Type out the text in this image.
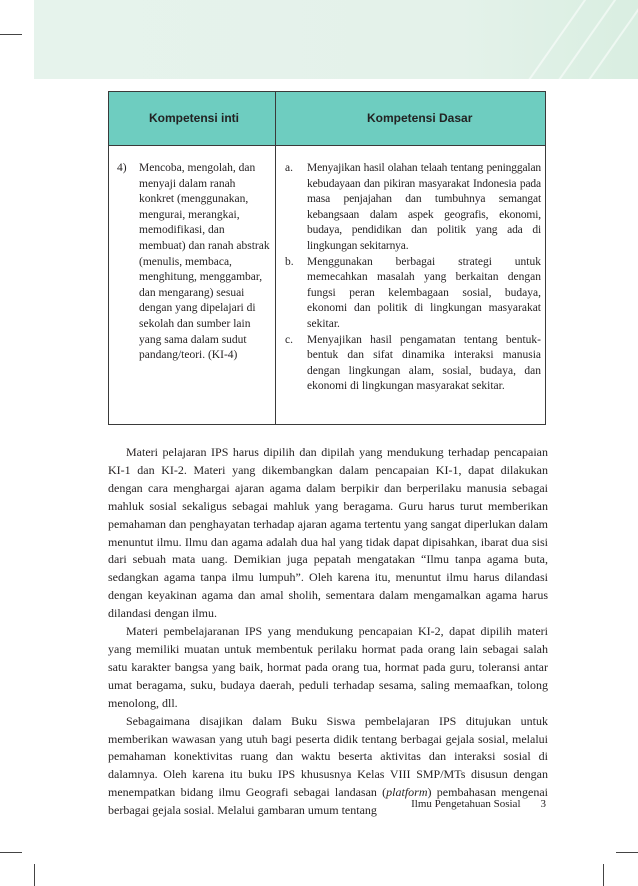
Kompetensi inti	Kompetensi Dasar
4) Mencoba, mengolah, dan menyaji dalam ranah konkret (menggunakan, mengurai, merangkai, memodifikasi, dan membuat) dan ranah abstrak (menulis, membaca, menghitung, menggambar, dan mengarang) sesuai dengan yang dipelajari di sekolah dan sumber lain yang sama dalam sudut pandang/teori. (KI-4)
a. Menyajikan hasil olahan telaah tentang peninggalan kebudayaan dan pikiran masyarakat Indonesia pada masa penjajahan dan tumbuhnya semangat kebangsaan dalam aspek geografis, ekonomi, budaya, pendidikan dan politik yang ada di lingkungan sekitarnya.
b. Menggunakan berbagai strategi untuk memecahkan masalah yang berkaitan dengan fungsi peran kelembagaan sosial, budaya, ekonomi dan politik di lingkungan masyarakat sekitar.
c. Menyajikan hasil pengamatan tentang bentuk-bentuk dan sifat dinamika interaksi manusia dengan lingkungan alam, sosial, budaya, dan ekonomi di lingkungan masyarakat sekitar.

Materi pelajaran IPS harus dipilih dan dipilah yang mendukung terhadap pencapaian KI-1 dan KI-2. Materi yang dikembangkan dalam pencapaian KI-1, dapat dilakukan dengan cara menghargai ajaran agama dalam berpikir dan berperilaku manusia sebagai mahluk sosial sekaligus sebagai mahluk yang beragama. Guru harus turut memberikan pemahaman dan penghayatan terhadap ajaran agama tertentu yang sangat diperlukan dalam menuntut ilmu. Ilmu dan agama adalah dua hal yang tidak dapat dipisahkan, ibarat dua sisi dari sebuah mata uang. Demikian juga pepatah mengatakan “Ilmu tanpa agama buta, sedangkan agama tanpa ilmu lumpuh”. Oleh karena itu, menuntut ilmu harus dilandasi dengan keyakinan agama dan amal sholih, sementara dalam mengamalkan agama harus dilandasi dengan ilmu.

Materi pembelajaranan IPS yang mendukung pencapaian KI-2, dapat dipilih materi yang memiliki muatan untuk membentuk perilaku hormat pada orang lain sebagai salah satu karakter bangsa yang baik, hormat pada orang tua, hormat pada guru, toleransi antar umat beragama, suku, budaya daerah, peduli terhadap sesama, saling memaafkan, tolong menolong, dll.

Sebagaimana disajikan dalam Buku Siswa pembelajaran IPS ditujukan untuk memberikan wawasan yang utuh bagi peserta didik tentang berbagai gejala sosial, melalui pemahaman konektivitas ruang dan waktu beserta aktivitas dan interaksi sosial di dalamnya. Oleh karena itu buku IPS khususnya Kelas VIII SMP/MTs disusun dengan menempatkan bidang ilmu Geografi sebagai landasan (platform) pembahasan mengenai berbagai gejala sosial. Melalui gambaran umum tentang	Ilmu Pengetahuan Sosial 3
